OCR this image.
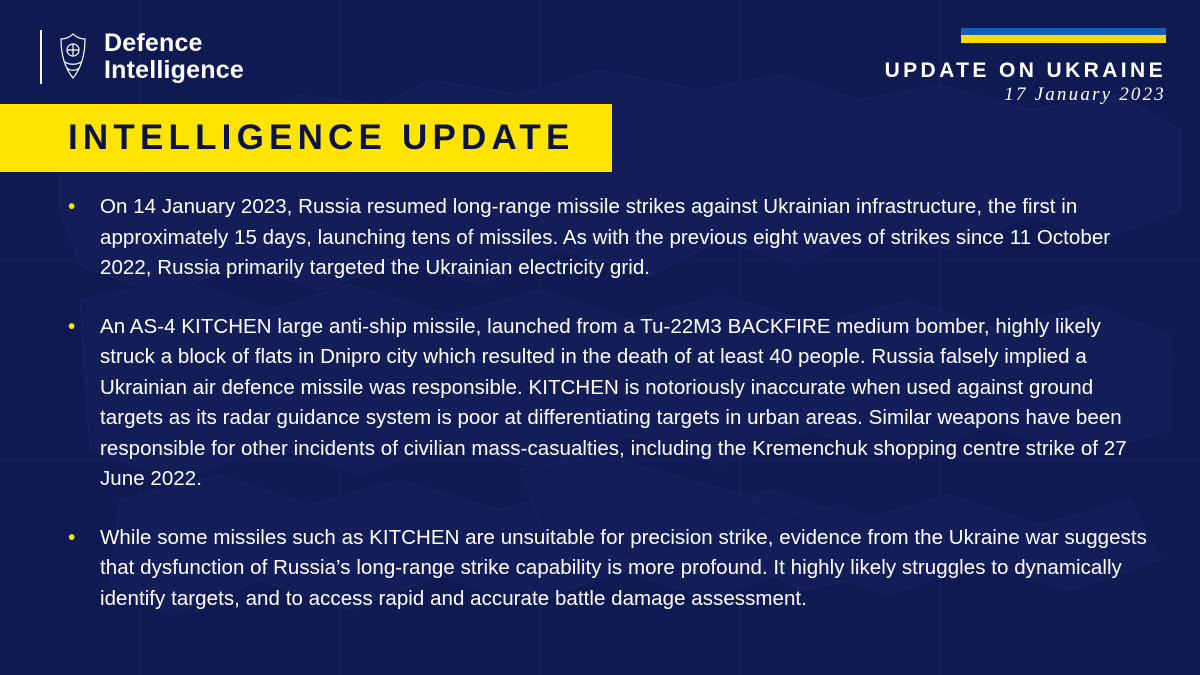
Defence
Intelligence	UPDATE ON UKRAINE
17 January 2023
INTELLIGENCE UPDATE
•	On 14 January 2023, Russia resumed long-range missile strikes against Ukrainian infrastructure, the first in approximately 15 days, launching tens of missiles. As with the previous eight waves of strikes since 11 October 2022, Russia primarily targeted the Ukrainian electricity grid.
•	An AS-4 KITCHEN large anti-ship missile, launched from a Tu-22M3 BACKFIRE medium bomber, highly likely struck a block of flats in Dnipro city which resulted in the death of at least 40 people. Russia falsely implied a Ukrainian air defence missile was responsible. KITCHEN is notoriously inaccurate when used against ground targets as its radar guidance system is poor at differentiating targets in urban areas. Similar weapons have been responsible for other incidents of civilian mass-casualties, including the Kremenchuk shopping centre strike of 27 June 2022.
•	While some missiles such as KITCHEN are unsuitable for precision strike, evidence from the Ukraine war suggests that dysfunction of Russia’s long-range strike capability is more profound. It highly likely struggles to dynamically identify targets, and to access rapid and accurate battle damage assessment.
